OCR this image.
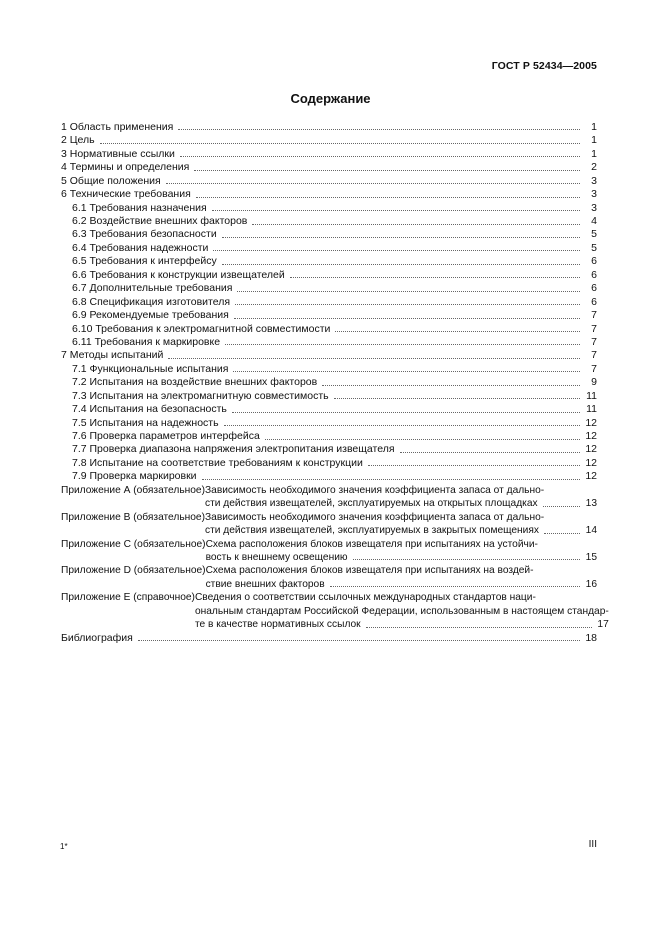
ГОСТ Р 52434—2005
Содержание
1 Область применения	1
2 Цель	1
3 Нормативные ссылки	1
4 Термины и определения	2
5 Общие положения	3
6 Технические требования	3
6.1 Требования назначения	3
6.2 Воздействие внешних факторов	4
6.3 Требования безопасности	5
6.4 Требования надежности	5
6.5 Требования к интерфейсу	6
6.6 Требования к конструкции извещателей	6
6.7 Дополнительные требования	6
6.8 Спецификация изготовителя	6
6.9 Рекомендуемые требования	7
6.10 Требования к электромагнитной совместимости	7
6.11 Требования к маркировке	7
7 Методы испытаний	7
7.1 Функциональные испытания	7
7.2 Испытания на воздействие внешних факторов	9
7.3 Испытания на электромагнитную совместимость	11
7.4 Испытания на безопасность	11
7.5 Испытания на надежность	12
7.6 Проверка параметров интерфейса	12
7.7 Проверка диапазона напряжения электропитания извещателя	12
7.8 Испытание на соответствие требованиям к конструкции	12
7.9 Проверка маркировки	12
Приложение А (обязательное) Зависимость необходимого значения коэффициента запаса от дально-
сти действия извещателей, эксплуатируемых на открытых площадках	13
Приложение В (обязательное) Зависимость необходимого значения коэффициента запаса от дально-
сти действия извещателей, эксплуатируемых в закрытых помещениях	14
Приложение С (обязательное) Схема расположения блоков извещателя при испытаниях на устойчи-
вость к внешнему освещению	15
Приложение D (обязательное) Схема расположения блоков извещателя при испытаниях на воздей-
ствие внешних факторов	16
Приложение Е (справочное) Сведения о соответствии ссылочных международных стандартов наци-
ональным стандартам Российской Федерации, использованным в настоящем стандар-
те в качестве нормативных ссылок	17
Библиография	18
1*	III
